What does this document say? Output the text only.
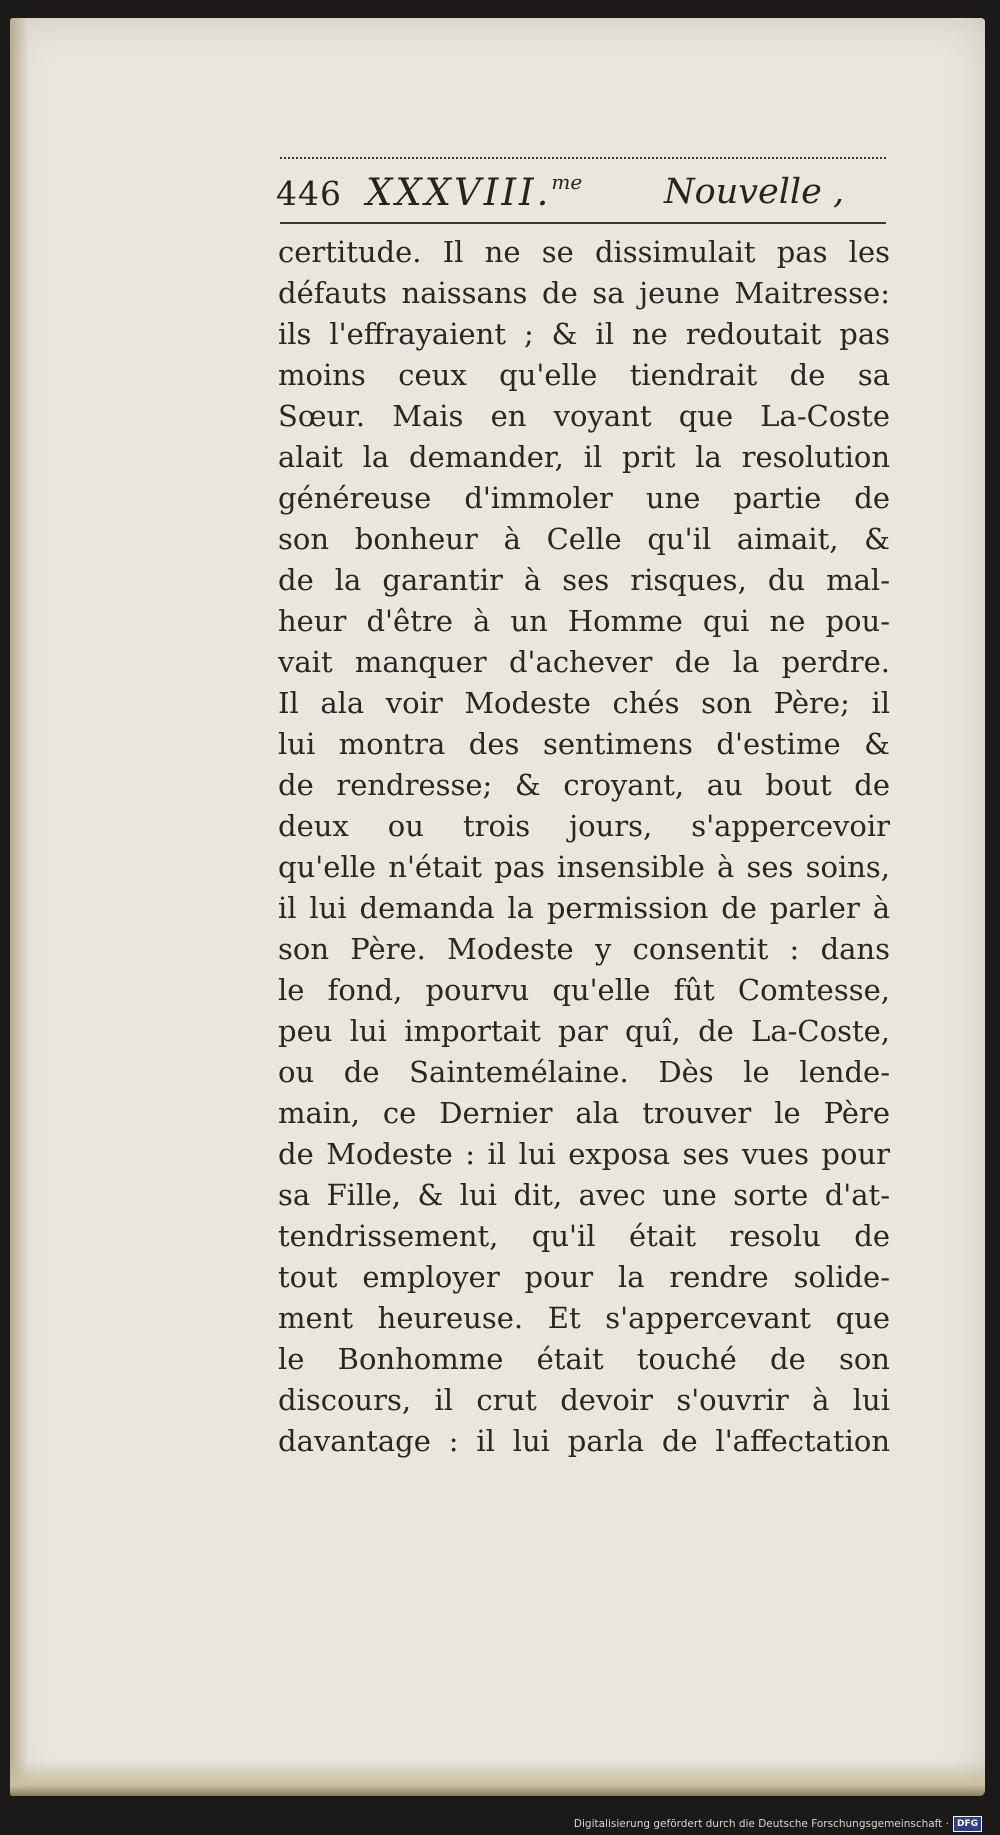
446 XXXVIII.$^{me}$ Nouvelle ,
certitude. Il ne se dissimulait pas les
défauts naissans de sa jeune Maitresse:
ils l'effrayaient ; & il ne redoutait pas
moins ceux qu'elle tiendrait de sa
Sœur. Mais en voyant que La-Coste
alait la demander, il prit la resolution
généreuse d'immoler une partie de
son bonheur à Celle qu'il aimait, &
de la garantir à ses risques, du mal-
heur d'être à un Homme qui ne pou-
vait manquer d'achever de la perdre.
Il ala voir Modeste chés son Père; il
lui montra des sentimens d'estime &
de rendresse; & croyant, au bout de
deux ou trois jours, s'appercevoir
qu'elle n'était pas insensible à ses soins,
il lui demanda la permission de parler à
son Père. Modeste y consentit : dans
le fond, pourvu qu'elle fût Comtesse,
peu lui importait par quî, de La-Coste,
ou de Saintemélaine. Dès le lende-
main, ce Dernier ala trouver le Père
de Modeste : il lui exposa ses vues pour
sa Fille, & lui dit, avec une sorte d'at-
tendrissement, qu'il était resolu de
tout employer pour la rendre solide-
ment heureuse. Et s'appercevant que
le Bonhomme était touché de son
discours, il crut devoir s'ouvrir à lui
davantage : il lui parla de l'affectation
Digitalisierung gefördert durch die Deutsche Forschungsgemeinschaft · DFG
